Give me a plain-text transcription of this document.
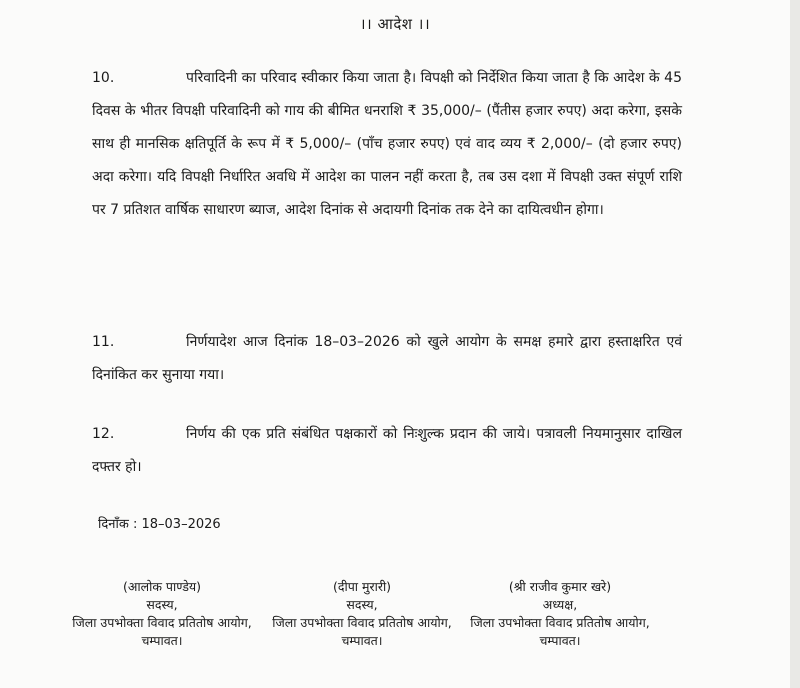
।। आदेश ।।
10.	परिवादिनी का परिवाद स्वीकार किया जाता है। विपक्षी को निर्देशित किया जाता है कि आदेश के 45 दिवस के भीतर विपक्षी परिवादिनी को गाय की बीमित धनराशि ₹ 35,000/– (पैंतीस हजार रुपए) अदा करेगा, इसके साथ ही मानसिक क्षतिपूर्ति के रूप में ₹ 5,000/– (पाँच हजार रुपए) एवं वाद व्यय ₹ 2,000/– (दो हजार रुपए) अदा करेगा। यदि विपक्षी निर्धारित अवधि में आदेश का पालन नहीं करता है, तब उस दशा में विपक्षी उक्त संपूर्ण राशि पर 7 प्रतिशत वार्षिक साधारण ब्याज, आदेश दिनांक से अदायगी दिनांक तक देने का दायित्वधीन होगा।
11.	निर्णयादेश आज दिनांक 18–03–2026 को खुले आयोग के समक्ष हमारे द्वारा हस्ताक्षरित एवं दिनांकित कर सुनाया गया।
12.	निर्णय की एक प्रति संबंधित पक्षकारों को निःशुल्क प्रदान की जाये। पत्रावली नियमानुसार दाखिल दफ्तर हो।
दिनाँक : 18–03–2026
(आलोक पाण्डेय)
सदस्य,
जिला उपभोक्ता विवाद प्रतितोष आयोग,
चम्पावत।
(दीपा मुरारी)
सदस्य,
जिला उपभोक्ता विवाद प्रतितोष आयोग,
चम्पावत।
(श्री राजीव कुमार खरे)
अध्यक्ष,
जिला उपभोक्ता विवाद प्रतितोष आयोग,
चम्पावत।
